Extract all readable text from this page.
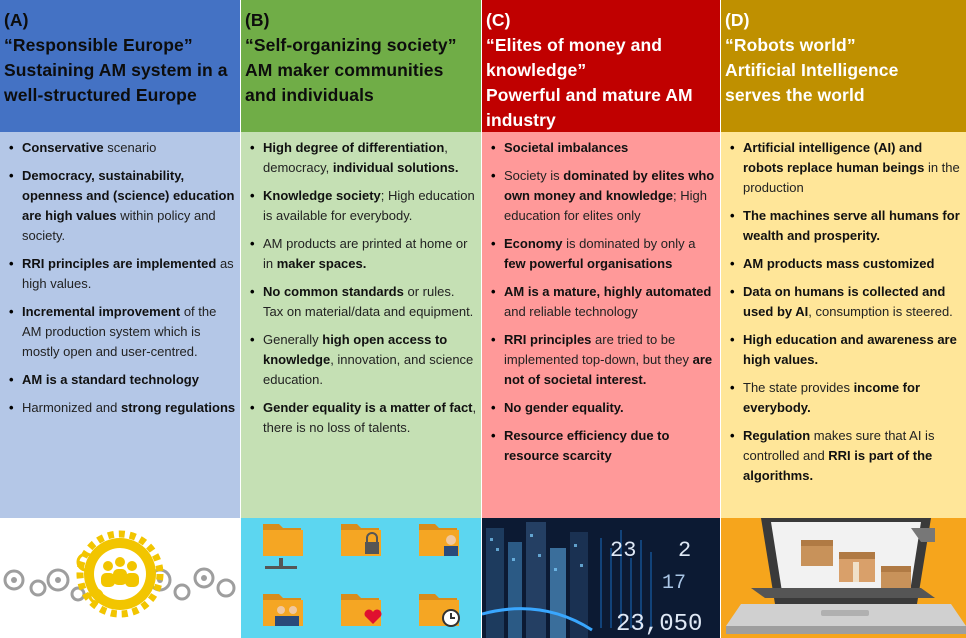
(A)
“Responsible Europe”
Sustaining AM system in a
well-structured Europe
• Conservative scenario
• Democracy, sustainability, openness and (science) education are high values within policy and society.
• RRI principles are implemented as high values.
• Incremental improvement of the AM production system which is mostly open and user-centred.
• AM is a standard technology
• Harmonized and strong regulations
(B)
“Self-organizing society”
AM maker communities
and individuals
• High degree of differentiation, democracy, individual solutions.
• Knowledge society; High education is available for everybody.
• AM products are printed at home or in maker spaces.
• No common standards or rules. Tax on material/data and equipment.
• Generally high open access to knowledge, innovation, and science education.
• Gender equality is a matter of fact, there is no loss of talents.
(C)
“Elites of money and
knowledge”
Powerful and mature AM
industry
• Societal imbalances
• Society is dominated by elites who own money and knowledge; High education for elites only
• Economy is dominated by only a few powerful organisations
• AM is a mature, highly automated and reliable technology
• RRI principles are tried to be implemented top-down, but they are not of societal interest.
• No gender equality.
• Resource efficiency due to resource scarcity
23 2
23,050
17
(D)
“Robots world”
Artificial Intelligence
serves the world
• Artificial intelligence (AI) and robots replace human beings in the production
• The machines serve all humans for wealth and prosperity.
• AM products mass customized
• Data on humans is collected and used by AI, consumption is steered.
• High education and awareness are high values.
• The state provides income for everybody.
• Regulation makes sure that AI is controlled and RRI is part of the algorithms.
